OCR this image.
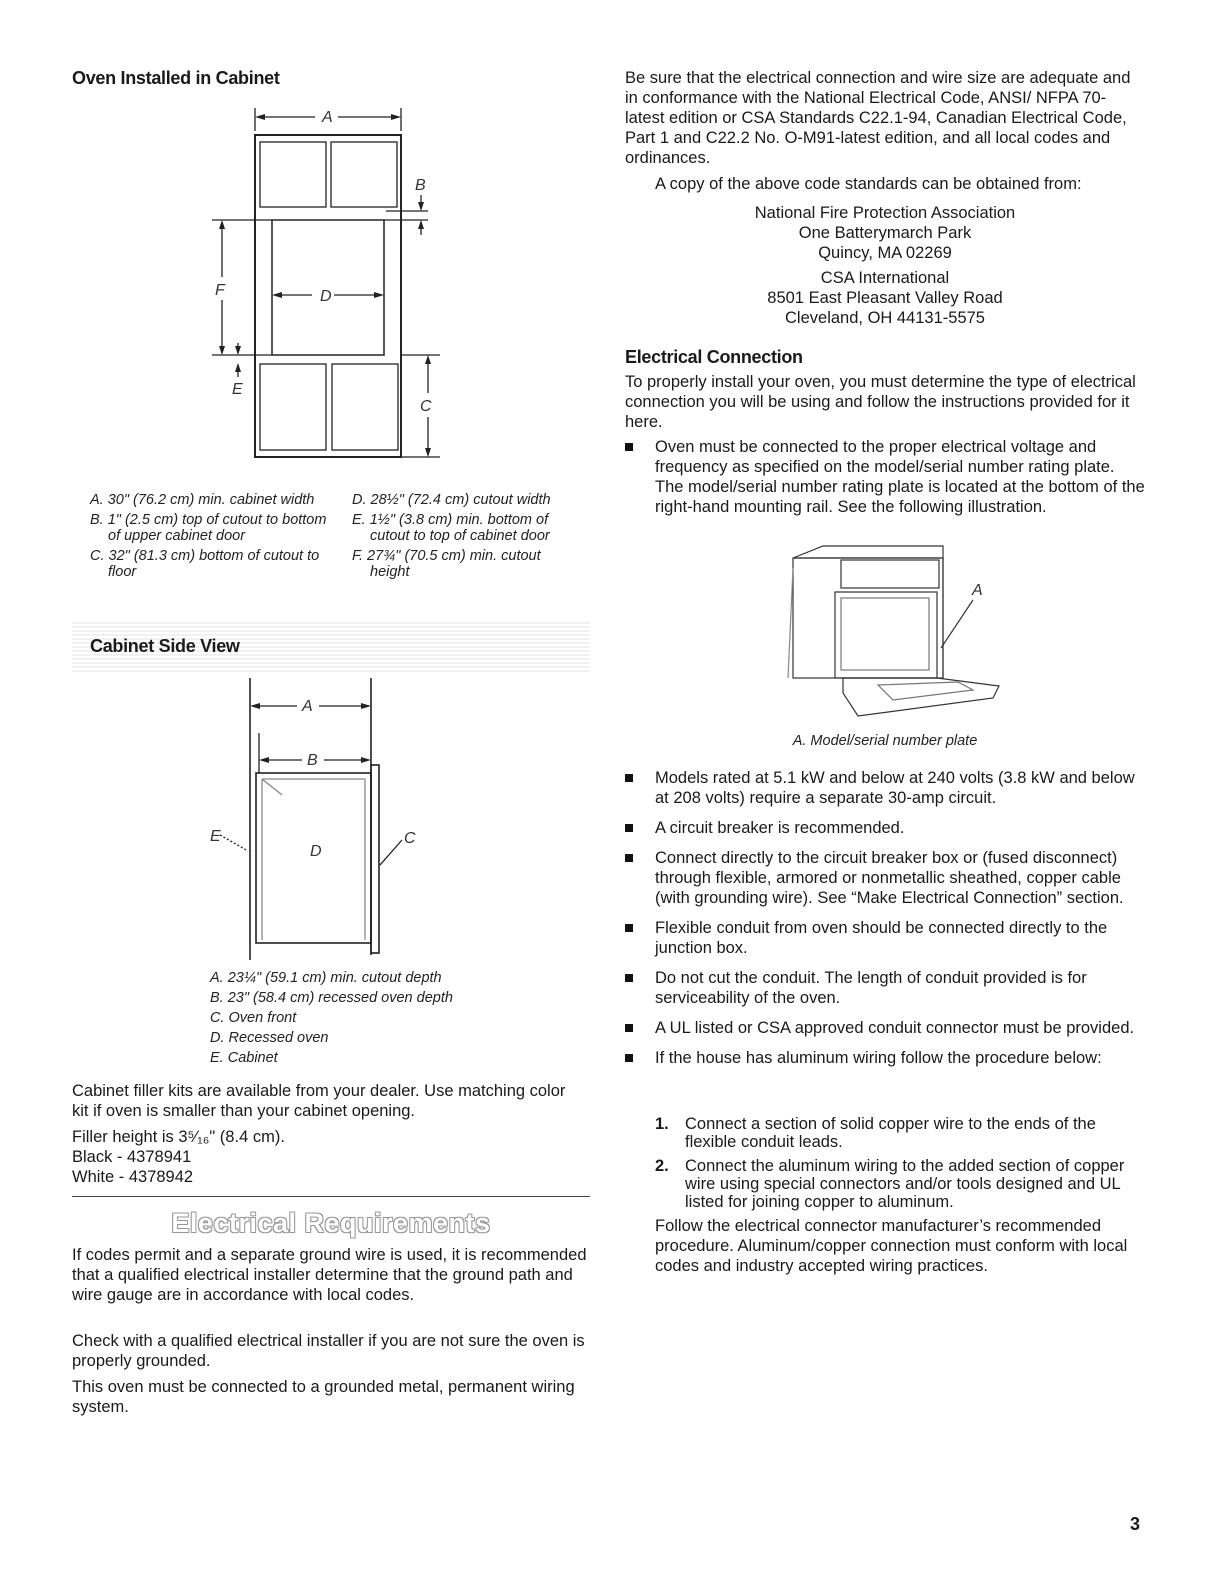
Oven Installed in Cabinet
A
B
F	D
E
C
A. 30" (76.2 cm) min. cabinet width
B. 1" (2.5 cm) top of cutout to bottom of upper cabinet door
C. 32" (81.3 cm) bottom of cutout to floor
D. 28½" (72.4 cm) cutout width
E. 1½" (3.8 cm) min. bottom of cutout to top of cabinet door
F. 27¾" (70.5 cm) min. cutout height
Cabinet Side View
A
B
E
D
C
A. 23¼" (59.1 cm) min. cutout depth
B. 23" (58.4 cm) recessed oven depth
C. Oven front
D. Recessed oven
E. Cabinet

Cabinet filler kits are available from your dealer. Use matching color kit if oven is smaller than your cabinet opening.

Filler height is 3⁵⁄₁₆" (8.4 cm).

Black - 4378941

White - 4378942

Electrical Requirements

If codes permit and a separate ground wire is used, it is recommended that a qualified electrical installer determine that the ground path and wire gauge are in accordance with local codes.

Check with a qualified electrical installer if you are not sure the oven is properly grounded.

This oven must be connected to a grounded metal, permanent wiring system.

Be sure that the electrical connection and wire size are adequate and in conformance with the National Electrical Code, ANSI/ NFPA 70-latest edition or CSA Standards C22.1-94, Canadian Electrical Code, Part 1 and C22.2 No. O-M91-latest edition, and all local codes and ordinances.

A copy of the above code standards can be obtained from:

National Fire Protection Association

One Batterymarch Park

Quincy, MA 02269

CSA International

8501 East Pleasant Valley Road

Cleveland, OH 44131-5575

Electrical Connection

To properly install your oven, you must determine the type of electrical connection you will be using and follow the instructions provided for it here.

Oven must be connected to the proper electrical voltage and frequency as specified on the model/serial number rating plate. The model/serial number rating plate is located at the bottom of the right-hand mounting rail. See the following illustration.
A
A. Model/serial number plate
Models rated at 5.1 kW and below at 240 volts (3.8 kW and below at 208 volts) require a separate 30-amp circuit.
A circuit breaker is recommended.
Connect directly to the circuit breaker box or (fused disconnect) through flexible, armored or nonmetallic sheathed, copper cable (with grounding wire). See “Make Electrical Connection” section.
Flexible conduit from oven should be connected directly to the junction box.
Do not cut the conduit. The length of conduit provided is for serviceability of the oven.
A UL listed or CSA approved conduit connector must be provided.
If the house has aluminum wiring follow the procedure below:
1. Connect a section of solid copper wire to the ends of the flexible conduit leads.
2. Connect the aluminum wiring to the added section of copper wire using special connectors and/or tools designed and UL listed for joining copper to aluminum.

Follow the electrical connector manufacturer’s recommended procedure. Aluminum/copper connection must conform with local codes and industry accepted wiring practices.

3
